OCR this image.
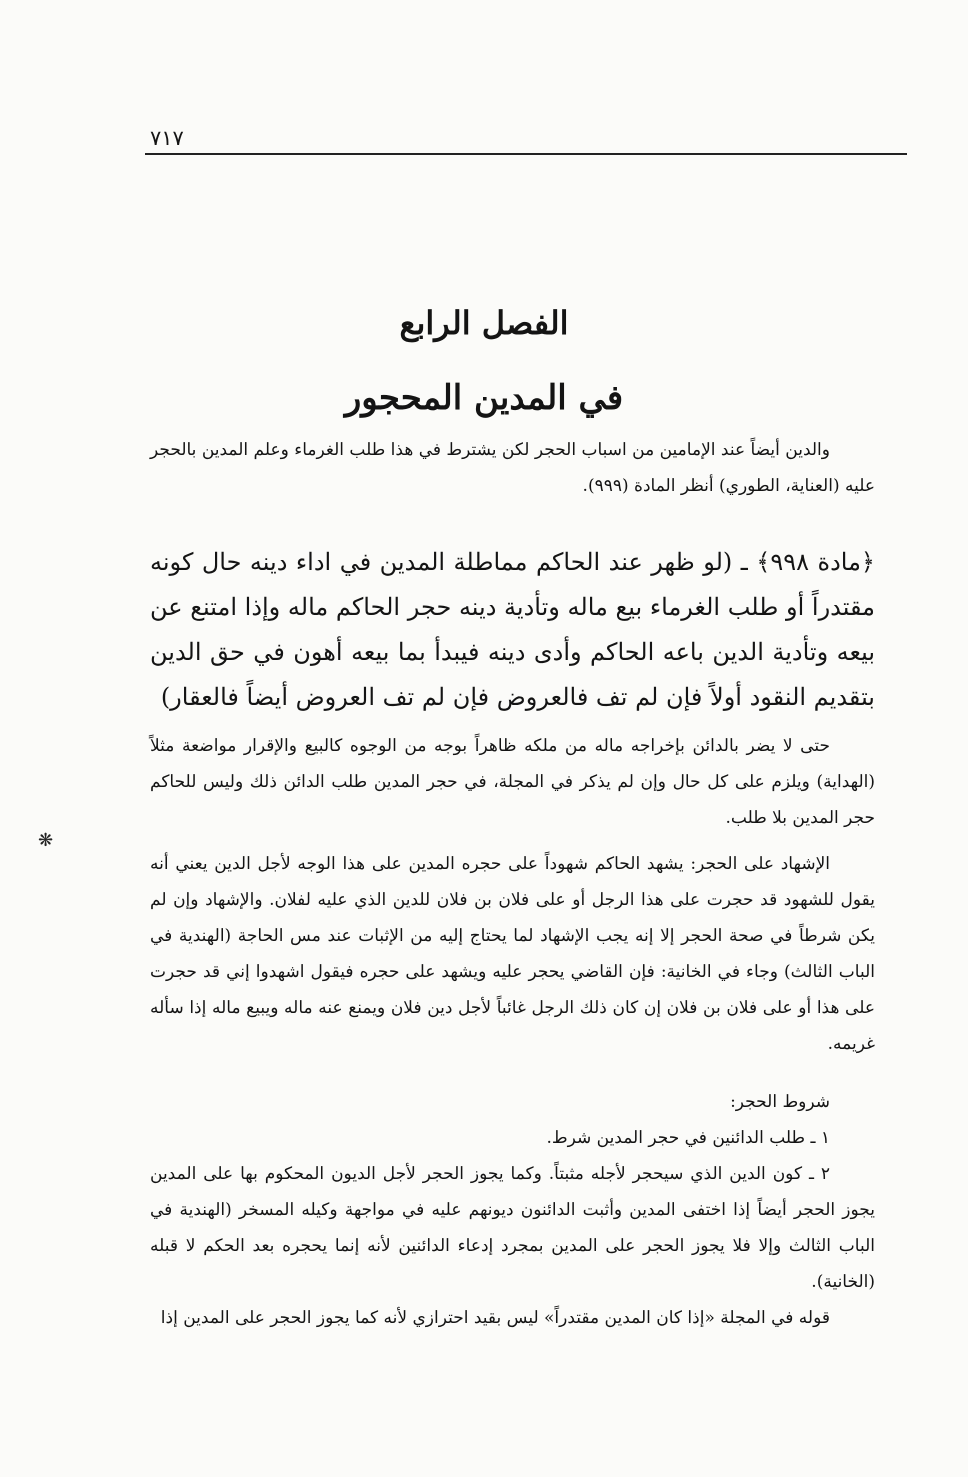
٧١٧
الفصل الرابع
في المدين المحجور

والدين أيضاً عند الإمامين من اسباب الحجر لكن يشترط في هذا طلب الغرماء وعلم المدين بالحجر عليه (العناية، الطوري) أنظر المادة (٩٩٩).

﴿مادة ٩٩٨﴾ ـ (لو ظهر عند الحاكم مماطلة المدين في اداء دينه حال كونه مقتدراً أو طلب الغرماء بيع ماله وتأدية دينه حجر الحاكم ماله وإذا امتنع عن بيعه وتأدية الدين باعه الحاكم وأدى دينه فيبدأ بما بيعه أهون في حق الدين بتقديم النقود أولاً فإن لم تف فالعروض فإن لم تف العروض أيضاً فالعقار)

حتى لا يضر بالدائن بإخراجه ماله من ملكه ظاهراً بوجه من الوجوه كالبيع والإقرار مواضعة مثلاً (الهداية) ويلزم على كل حال وإن لم يذكر في المجلة، في حجر المدين طلب الدائن ذلك وليس للحاكم حجر المدين بلا طلب.

الإشهاد على الحجر: يشهد الحاكم شهوداً على حجره المدين على هذا الوجه لأجل الدين يعني أنه يقول للشهود قد حجرت على هذا الرجل أو على فلان بن فلان للدين الذي عليه لفلان. والإشهاد وإن لم يكن شرطاً في صحة الحجر إلا إنه يجب الإشهاد لما يحتاج إليه من الإثبات عند مس الحاجة (الهندية في الباب الثالث) وجاء في الخانية: فإن القاضي يحجر عليه ويشهد على حجره فيقول اشهدوا إني قد حجرت على هذا أو على فلان بن فلان إن كان ذلك الرجل غائباً لأجل دين فلان ويمنع عنه ماله ويبيع ماله إذا سأله غريمه.

شروط الحجر:
١ ـ طلب الدائنين في حجر المدين شرط.
٢ ـ كون الدين الذي سيحجر لأجله مثبتاً. وكما يجوز الحجر لأجل الديون المحكوم بها على المدين يجوز الحجر أيضاً إذا اختفى المدين وأثبت الدائنون ديونهم عليه في مواجهة وكيله المسخر (الهندية في الباب الثالث وإلا فلا يجوز الحجر على المدين بمجرد إدعاء الدائنين لأنه إنما يحجره بعد الحكم لا قبله (الخانية).

قوله في المجلة «إذا كان المدين مقتدراً» ليس بقيد احترازي لأنه كما يجوز الحجر على المدين إذا

❋
